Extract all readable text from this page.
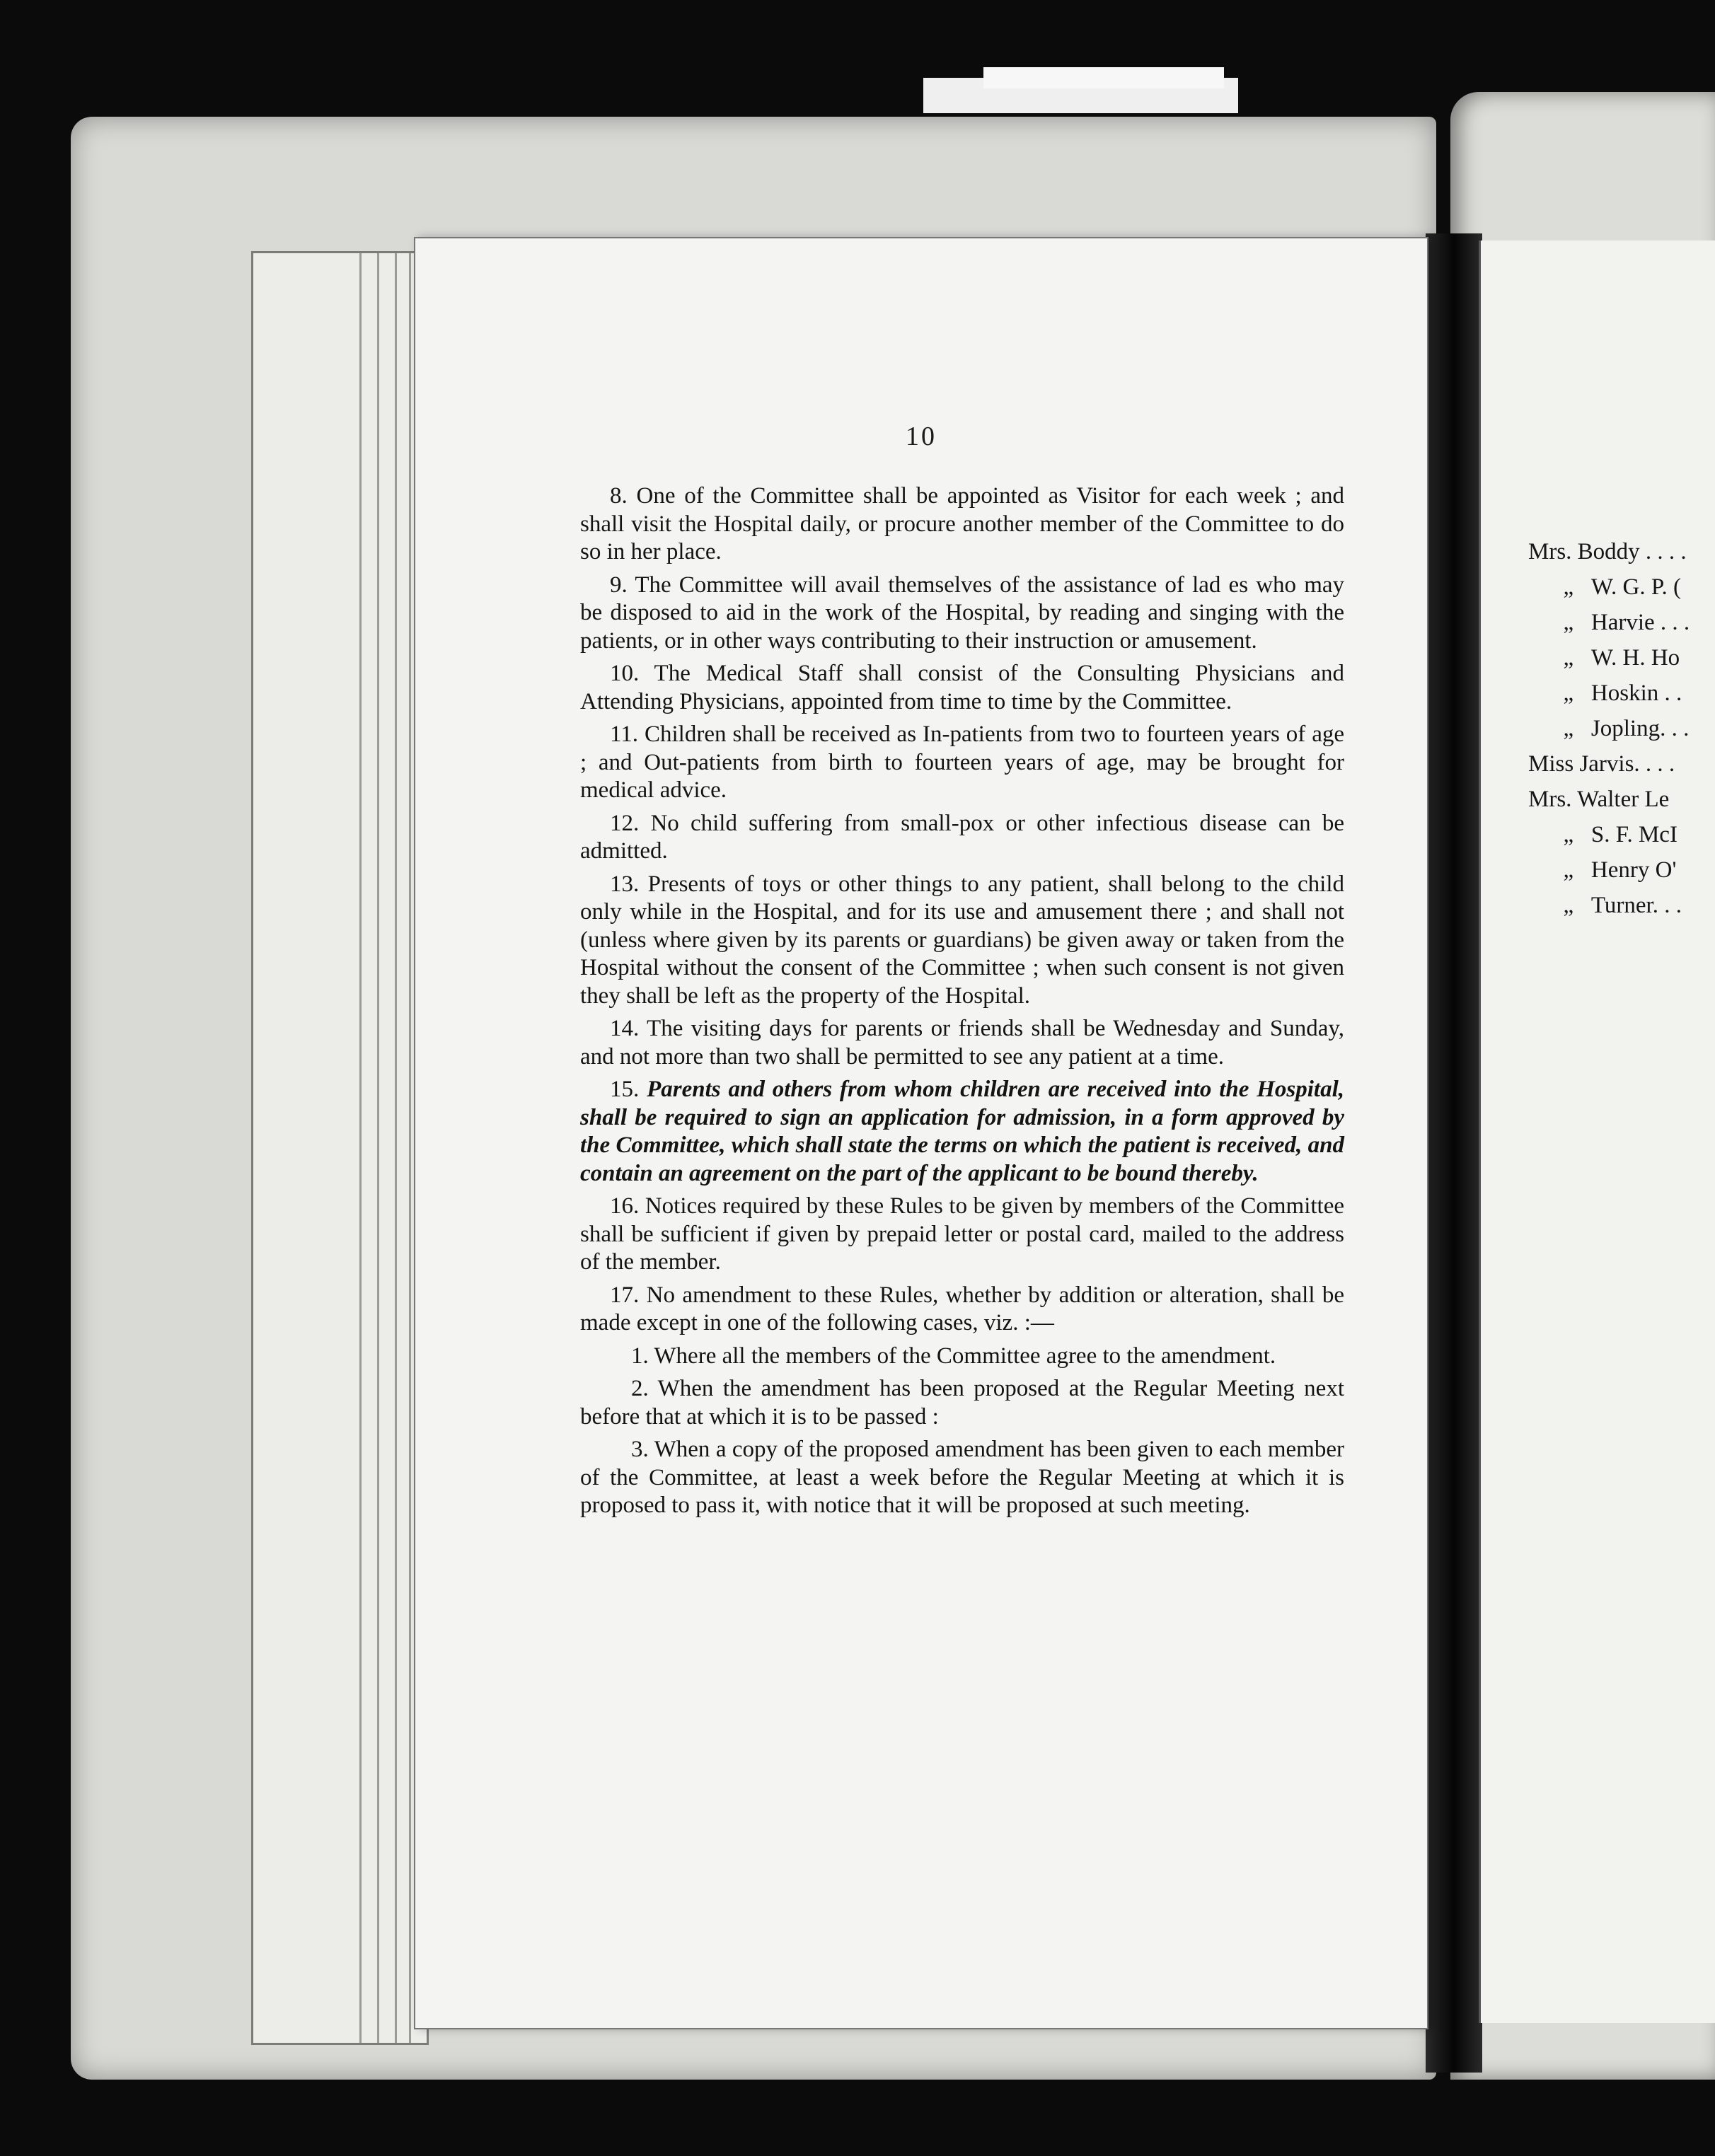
10

8. One of the Committee shall be appointed as Visitor for each week ; and shall visit the Hospital daily, or procure another member of the Committee to do so in her place.

9. The Committee will avail themselves of the assistance of lad es who may be disposed to aid in the work of the Hospital, by reading and singing with the patients, or in other ways contributing to their instruction or amusement.

10. The Medical Staff shall consist of the Consulting Physicians and Attending Physicians, appointed from time to time by the Committee.

11. Children shall be received as In-patients from two to fourteen years of age ; and Out-patients from birth to fourteen years of age, may be brought for medical advice.

12. No child suffering from small-pox or other infectious disease can be admitted.

13. Presents of toys or other things to any patient, shall belong to the child only while in the Hospital, and for its use and amusement there ; and shall not (unless where given by its parents or guardians) be given away or taken from the Hospital without the consent of the Committee ; when such consent is not given they shall be left as the property of the Hospital.

14. The visiting days for parents or friends shall be Wednesday and Sunday, and not more than two shall be permitted to see any patient at a time.

15. Parents and others from whom children are received into the Hospital, shall be required to sign an application for admission, in a form approved by the Committee, which shall state the terms on which the patient is received, and contain an agreement on the part of the applicant to be bound thereby.

16. Notices required by these Rules to be given by members of the Committee shall be sufficient if given by prepaid letter or postal card, mailed to the address of the member.

17. No amendment to these Rules, whether by addition or alteration, shall be made except in one of the following cases, viz. :—

1. Where all the members of the Committee agree to the amendment.

2. When the amendment has been proposed at the Regular Meeting next before that at which it is to be passed :

3. When a copy of the proposed amendment has been given to each member of the Committee, at least a week before the Regular Meeting at which it is proposed to pass it, with notice that it will be proposed at such meeting.

Mrs. Boddy . . . .
„   W. G. P. (
„   Harvie . . .
„   W. H. Ho
„   Hoskin . .
„   Jopling. . .
Miss Jarvis. . . .
Mrs. Walter Le
„   S. F. McI
„   Henry O'
„   Turner. . .
